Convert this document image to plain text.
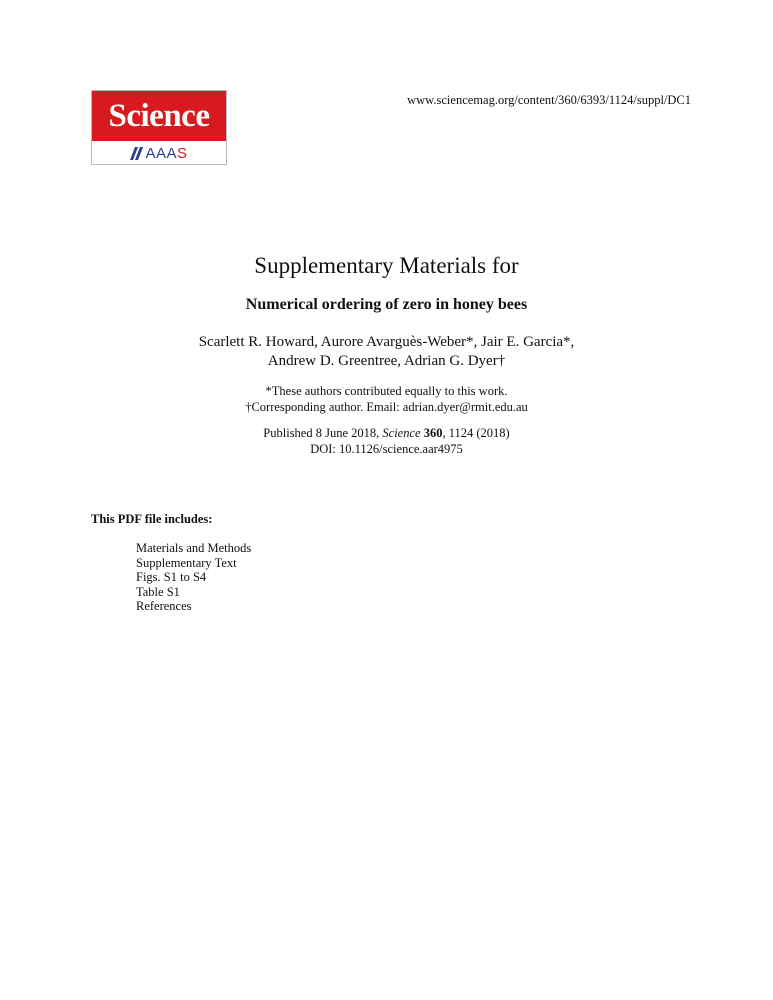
Science
AAA S
www.sciencemag.org/content/360/6393/1124/suppl/DC1
Supplementary Materials for
Numerical ordering of zero in honey bees
Scarlett R. Howard, Aurore Avarguès-Weber*, Jair E. Garcia*,
Andrew D. Greentree, Adrian G. Dyer†
*These authors contributed equally to this work.
†Corresponding author. Email: adrian.dyer@rmit.edu.au
Published 8 June 2018, Science 360, 1124 (2018)
DOI: 10.1126/science.aar4975
This PDF file includes:
Materials and Methods
Supplementary Text
Figs. S1 to S4
Table S1
References
